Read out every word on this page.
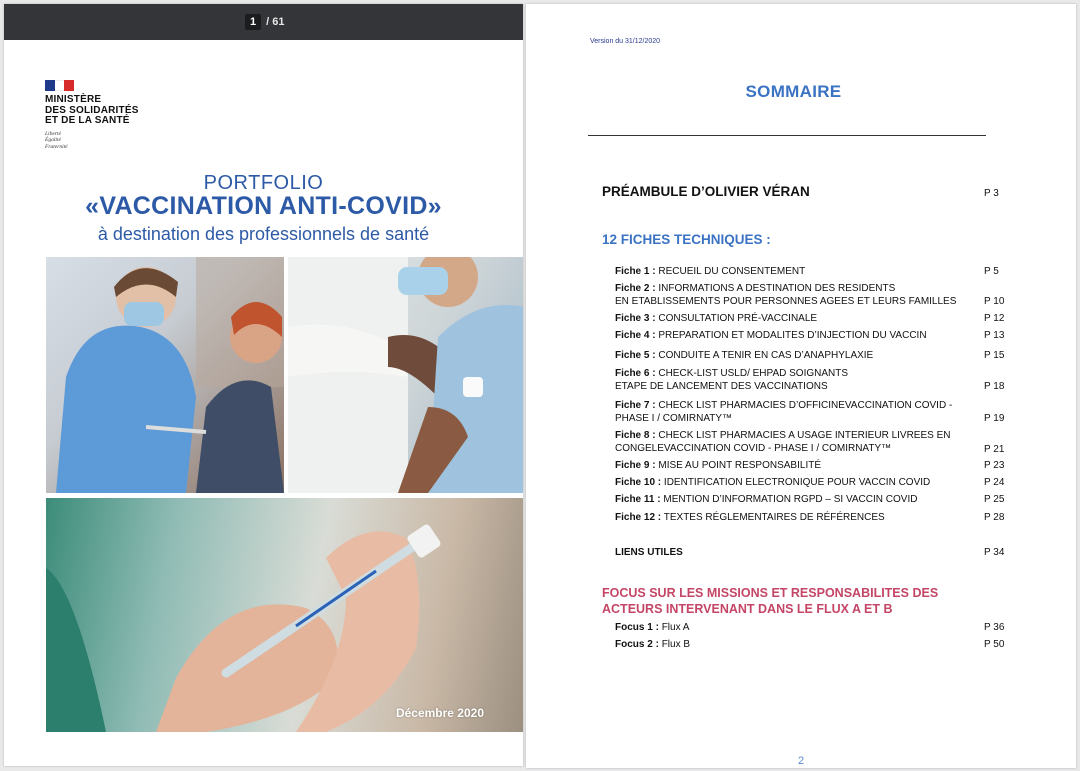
1 / 61
MINISTÈRE
DES SOLIDARITÉS
ET DE LA SANTÉ
Liberté
Égalité
Fraternité
PORTFOLIO
«VACCINATION ANTI-COVID»
à destination des professionnels de santé
Décembre 2020
Version du 31/12/2020
SOMMAIRE
PRÉAMBULE D’OLIVIER VÉRAN	P 3
12 FICHES TECHNIQUES :
Fiche 1 : RECUEIL DU CONSENTEMENT	P 5
Fiche 2 : INFORMATIONS A DESTINATION DES RESIDENTS
EN ETABLISSEMENTS POUR PERSONNES AGEES ET LEURS FAMILLES	P 10
Fiche 3 : CONSULTATION PRÉ-VACCINALE	P 12
Fiche 4 : PREPARATION ET MODALITES D’INJECTION DU VACCIN	P 13
Fiche 5 : CONDUITE A TENIR EN CAS D’ANAPHYLAXIE	P 15
Fiche 6 : CHECK-LIST USLD/ EHPAD SOIGNANTS
ETAPE DE LANCEMENT DES VACCINATIONS	P 18
Fiche 7 : CHECK LIST PHARMACIES D’OFFICINEVACCINATION COVID -
PHASE I / COMIRNATY™	P 19
Fiche 8 : CHECK LIST PHARMACIES A USAGE INTERIEUR LIVREES EN
CONGELEVACCINATION COVID - PHASE I / COMIRNATY™	P 21
Fiche 9 : MISE AU POINT RESPONSABILITÉ	P 23
Fiche 10 : IDENTIFICATION ELECTRONIQUE POUR VACCIN COVID	P 24
Fiche 11 : MENTION D’INFORMATION RGPD – SI VACCIN COVID	P 25
Fiche 12 : TEXTES RÉGLEMENTAIRES DE RÉFÉRENCES	P 28
LIENS UTILES	P 34
FOCUS SUR LES MISSIONS ET RESPONSABILITES DES
ACTEURS INTERVENANT DANS LE FLUX A ET B
Focus 1 : Flux A	P 36
Focus 2 : Flux B	P 50
2
